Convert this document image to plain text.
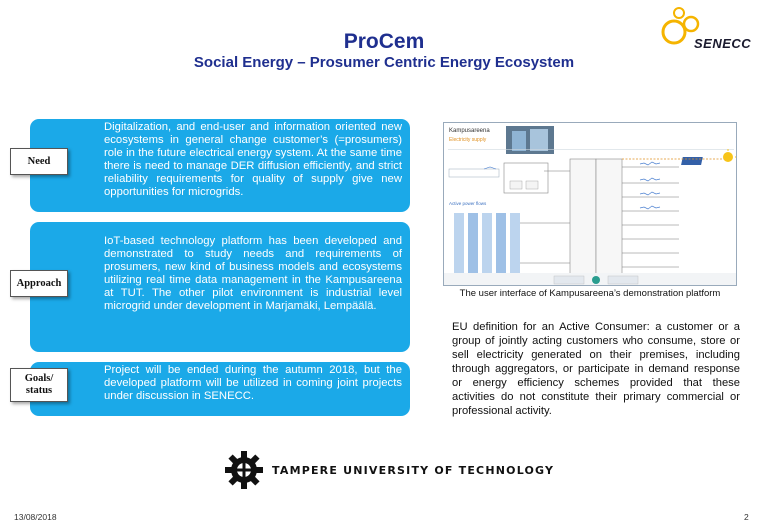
ProCem
Social Energy – Prosumer Centric Energy Ecosystem
SENECC
Digitalization, and end-user and information oriented new ecosystems in general change customer’s (=prosumers) role in the future electrical energy system. At the same time there is need to manage DER diffusion efficiently, and strict reliability requirements for quality of supply give new opportunities for microgrids.
Need
IoT-based technology platform has been developed and demonstrated to study needs and requirements of prosumers, new kind of business models and ecosystems utilizing real time data management in the Kampusareena at TUT. The other pilot environment is industrial level microgrid under development in Marjamäki, Lempäälä.
Approach
Project will be ended during the autumn 2018, but the developed platform will be utilized in coming joint projects under discussion in SENECC.
Goals/
status
Kampusareena
Electricity supply
Active power flows
The user interface of Kampusareena’s demonstration platform
EU definition for an Active Consumer: a customer or a group of jointly acting customers who consume, store or sell electricity generated on their premises, including through aggregators, or participate in demand response or energy efficiency schemes provided that these activities do not constitute their primary commercial or professional activity.
TAMPERE UNIVERSITY OF TECHNOLOGY
13/08/2018	2
